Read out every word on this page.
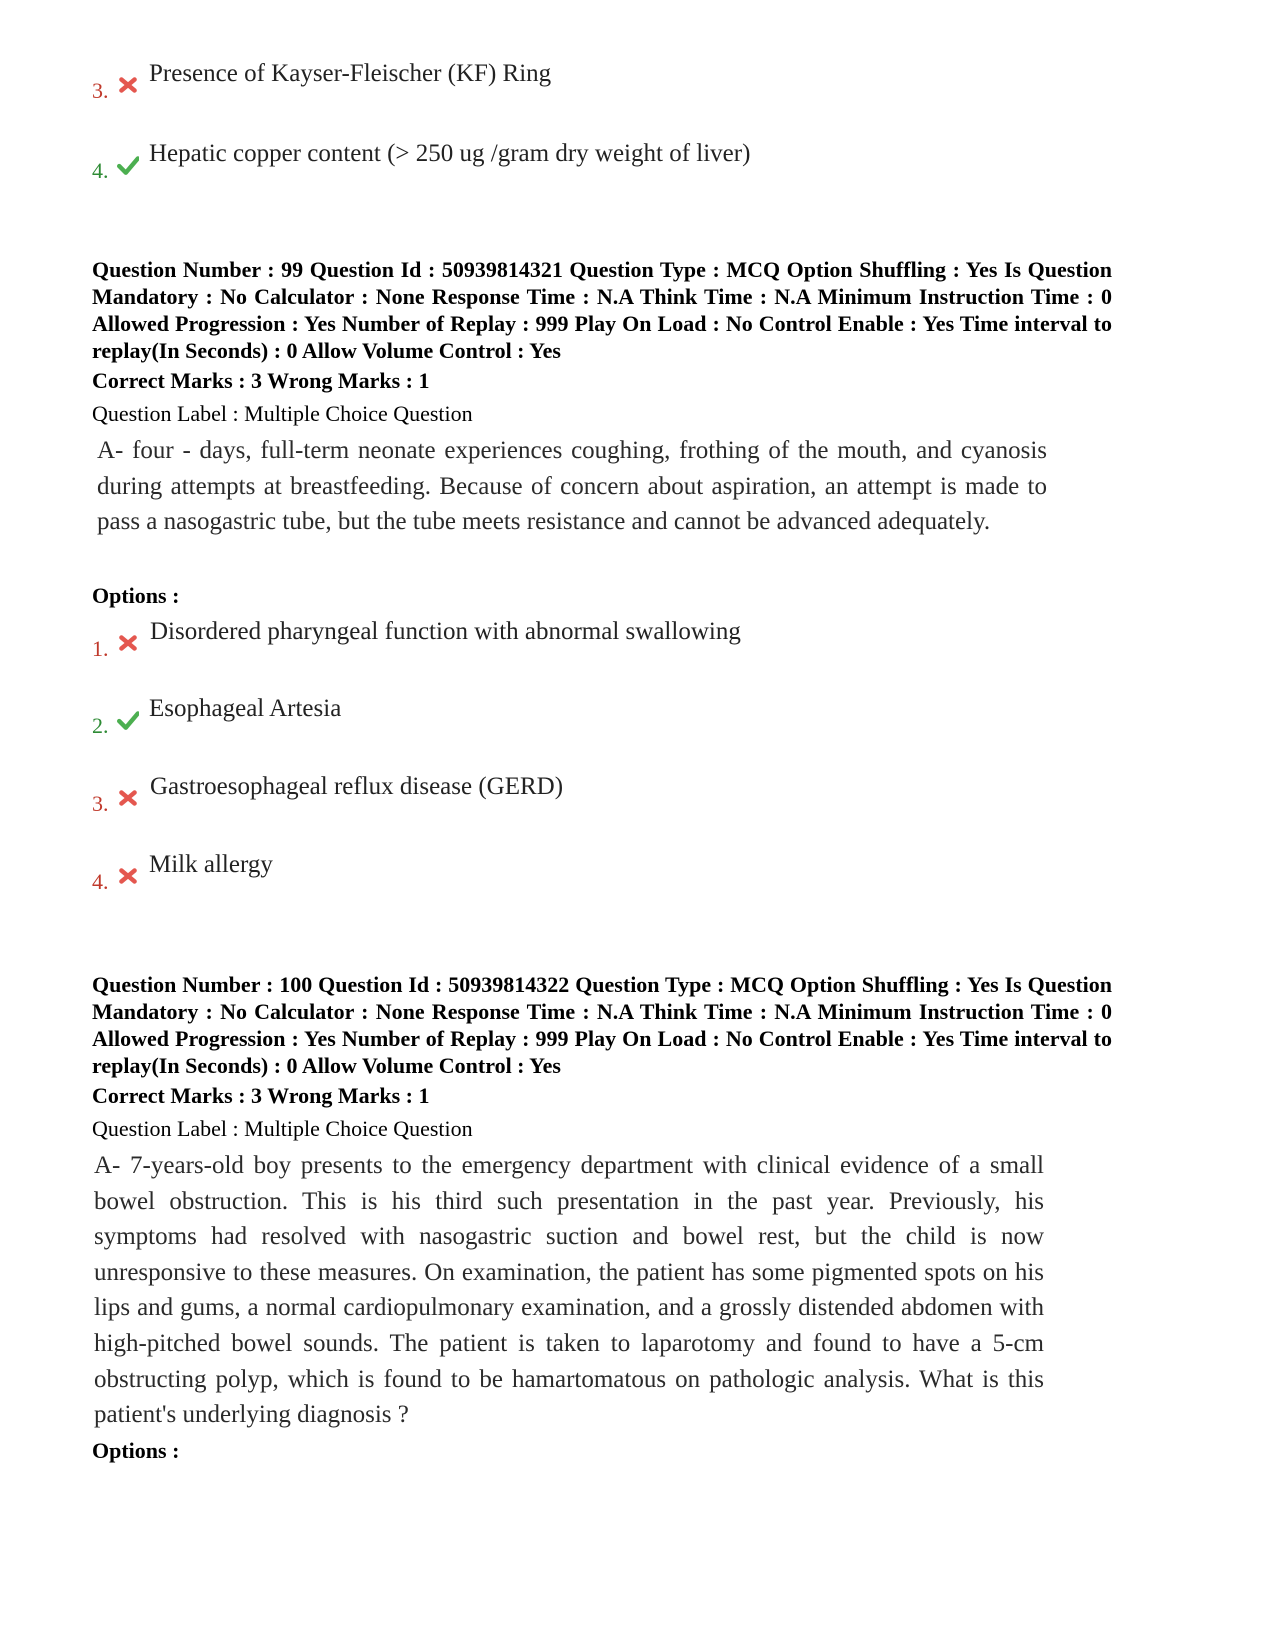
3.
Presence of Kayser-Fleischer (KF) Ring
4.
Hepatic copper content (> 250 ug /gram dry weight of liver)
Question Number : 99 Question Id : 50939814321 Question Type : MCQ Option Shuffling : Yes Is Question Mandatory : No Calculator : None Response Time : N.A Think Time : N.A Minimum Instruction Time : 0 Allowed Progression : Yes Number of Replay : 999 Play On Load : No Control Enable : Yes Time interval to replay(In Seconds) : 0 Allow Volume Control : Yes
Correct Marks : 3 Wrong Marks : 1
Question Label : Multiple Choice Question
A- four - days, full-term neonate experiences coughing, frothing of the mouth, and cyanosis during attempts at breastfeeding. Because of concern about aspiration, an attempt is made to pass a nasogastric tube, but the tube meets resistance and cannot be advanced adequately.
Options :
1.
Disordered pharyngeal function with abnormal swallowing
2.
Esophageal Artesia
3.
Gastroesophageal reflux disease (GERD)
4.
Milk allergy
Question Number : 100 Question Id : 50939814322 Question Type : MCQ Option Shuffling : Yes Is Question Mandatory : No Calculator : None Response Time : N.A Think Time : N.A Minimum Instruction Time : 0 Allowed Progression : Yes Number of Replay : 999 Play On Load : No Control Enable : Yes Time interval to replay(In Seconds) : 0 Allow Volume Control : Yes
Correct Marks : 3 Wrong Marks : 1
Question Label : Multiple Choice Question
A- 7-years-old boy presents to the emergency department with clinical evidence of a small bowel obstruction. This is his third such presentation in the past year. Previously, his symptoms had resolved with nasogastric suction and bowel rest, but the child is now unresponsive to these measures. On examination, the patient has some pigmented spots on his lips and gums, a normal cardiopulmonary examination, and a grossly distended abdomen with high-pitched bowel sounds. The patient is taken to laparotomy and found to have a 5-cm obstructing polyp, which is found to be hamartomatous on pathologic analysis. What is this patient's underlying diagnosis ?
Options :
